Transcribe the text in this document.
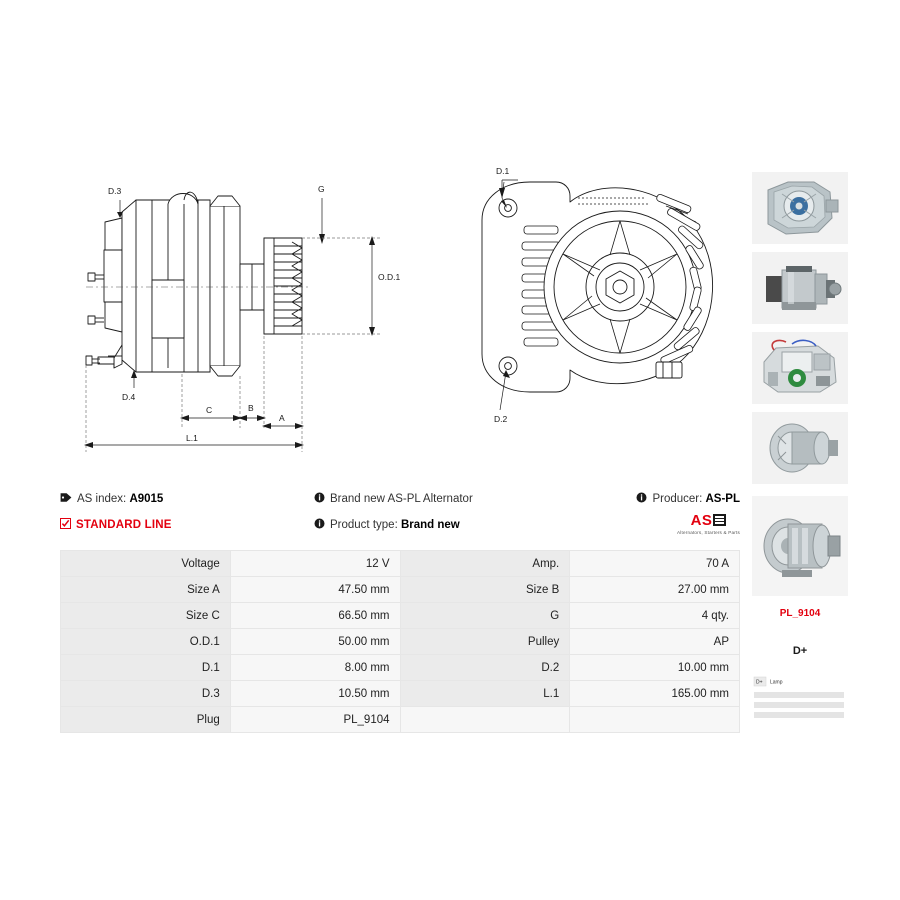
D.3
D.4
G
O.D.1
C	B
A
L.1
D.1
D.2
PL_9104
D+
D+ Lamp
AS index: A9015
STANDARD LINE
Brand new AS-PL Alternator
Product type: Brand new
Producer: AS-PL
AS
Alternators, Starters & Parts
Voltage	12 V	Amp.	70 A
Size A	47.50 mm	Size B	27.00 mm
Size C	66.50 mm	G	4 qty.
O.D.1	50.00 mm	Pulley	AP
D.1	8.00 mm	D.2	10.00 mm
D.3	10.50 mm	L.1	165.00 mm
Plug	PL_9104		
